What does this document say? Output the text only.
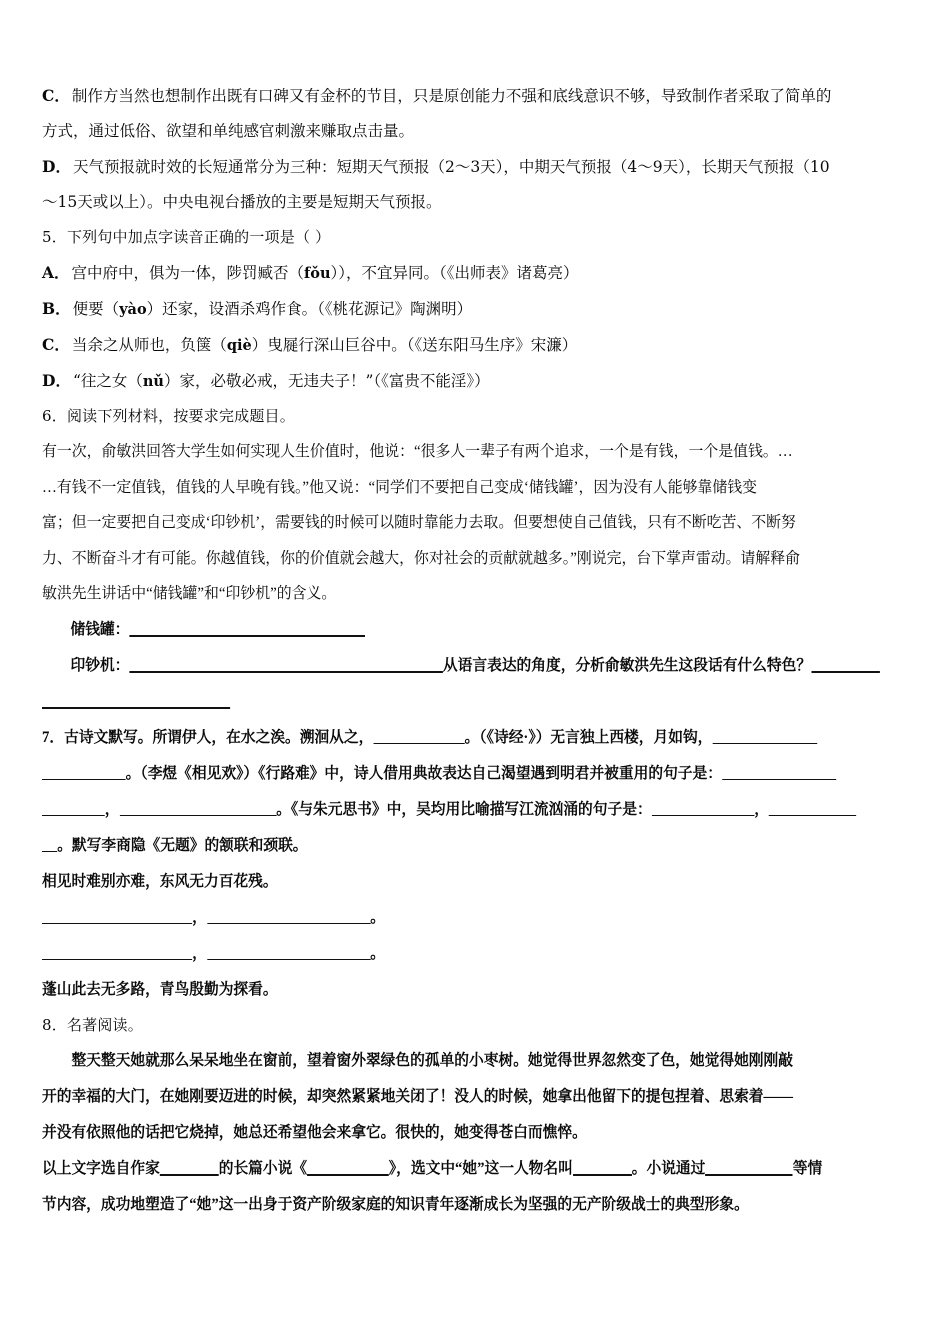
C． 制作方当然也想制作出既有口碑又有金杯的节目，只是原创能力不强和底线意识不够，导致制作者采取了简单的
方式，通过低俗、欲望和单纯感官刺激来赚取点击量。
D． 天气预报就时效的长短通常分为三种：短期天气预报（2～3天），中期天气预报（4～9天），长期天气预报（10
～15天或以上）。中央电视台播放的主要是短期天气预报。
5．下列句中加点字读音正确的一项是（ ）
A． 宫中府中，俱为一体，陟罚臧否（fǒu）），不宜异同。（《出师表》诸葛亮）
B． 便要（yào）还家，设酒杀鸡作食。（《桃花源记》陶渊明）
C． 当余之从师也，负箧（qiè）曳屣行深山巨谷中。（《送东阳马生序》宋濂）
D． “往之女（nǔ）家，必敬必戒，无违夫子！”（《富贵不能淫》）
6．阅读下列材料，按要求完成题目。
有一次，俞敏洪回答大学生如何实现人生价值时，他说：“很多人一辈子有两个追求，一个是有钱，一个是值钱。…
…有钱不一定值钱，值钱的人早晚有钱。”他又说：“同学们不要把自己变成‘储钱罐’，因为没有人能够靠储钱变
富；但一定要把自己变成‘印钞机’，需要钱的时候可以随时靠能力去取。但要想使自己值钱，只有不断吃苦、不断努
力、不断奋斗才有可能。你越值钱，你的价值就会越大，你对社会的贡献就越多。”刚说完，台下掌声雷动。请解释俞
敏洪先生讲话中“储钱罐”和“印钞机”的含义。
储钱罐：
印钞机：	从语言表达的角度，分析俞敏洪先生这段话有什么特色？
7．古诗文默写。所谓伊人，在水之涘。溯洄从之，	。（《诗经·》）无言独上西楼，月如钩，
。（李煜《相见欢》）《行路难》中，诗人借用典故表达自己渴望遇到明君并被重用的句子是：
，	。《与朱元思书》中，吴均用比喻描写江流汹涌的句子是：	，
。默写李商隐《无题》的颔联和颈联。
相见时难别亦难，东风无力百花残。
，	。
，	。
蓬山此去无多路，青鸟殷勤为探看。
8．名著阅读。
整天整天她就那么呆呆地坐在窗前，望着窗外翠绿色的孤单的小枣树。她觉得世界忽然变了色，她觉得她刚刚敲
开的幸福的大门，在她刚要迈进的时候，却突然紧紧地关闭了！没人的时候，她拿出他留下的提包捏着、思索着——
并没有依照他的话把它烧掉，她总还希望他会来拿它。很快的，她变得苍白而憔悴。
以上文字选自作家	的长篇小说《	》，选文中“她”这一人物名叫	。小说通过	等情
节内容，成功地塑造了“她”这一出身于资产阶级家庭的知识青年逐渐成长为坚强的无产阶级战士的典型形象。
